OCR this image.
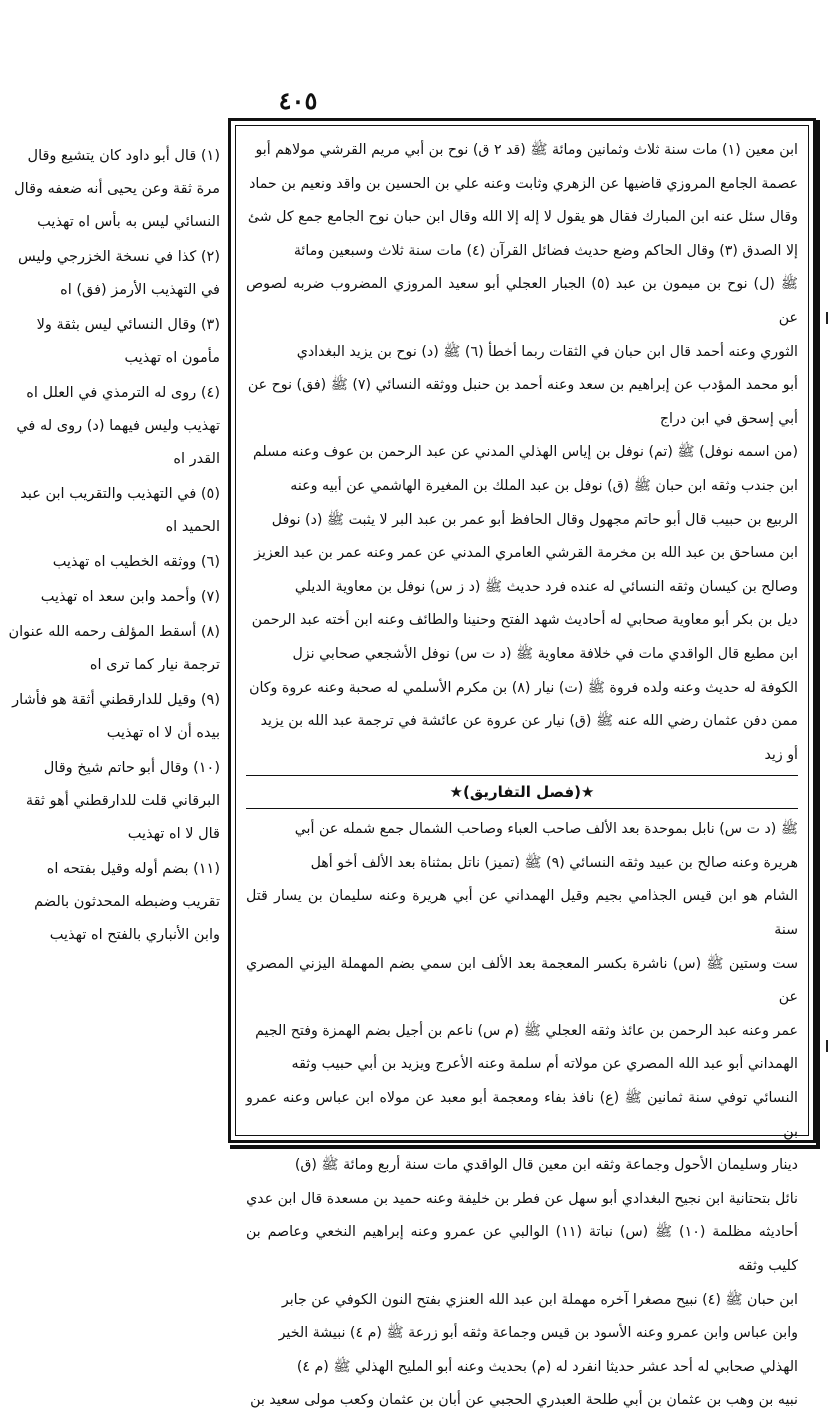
٤٠٥

(١) قال أبو داود كان يتشيع وقال مرة ثقة وعن يحيى أنه ضعفه وقال النسائي ليس به بأس اه تهذيب

(٢) كذا في نسخة الخزرجي وليس في التهذيب الأرمز (فق) اه

(٣) وقال النسائي ليس بثقة ولا مأمون اه تهذيب

(٤) روى له الترمذي في العلل اه تهذيب وليس فيهما (د) روى له في القدر اه

(٥) في التهذيب والتقريب ابن عبد الحميد اه

(٦) ووثقه الخطيب اه تهذيب

(٧) وأحمد وابن سعد اه تهذيب

(٨) أسقط المؤلف رحمه الله عنوان ترجمة نيار كما ترى اه

(٩) وقيل للدارقطني أثقة هو فأشار بيده أن لا اه تهذيب

(١٠) وقال أبو حاتم شيخ وقال البرقاني قلت للدارقطني أهو ثقة قال لا اه تهذيب

(١١) بضم أوله وقيل بفتحه اه تقريب وضبطه المحدثون بالضم وابن الأنباري بالفتح اه تهذيب

ابن معين (١) مات سنة ثلاث وثمانين ومائة ﷺ (قد ٢ ق) نوح بن أبي مريم القرشي مولاهم أبو

عصمة الجامع المروزي قاضيها عن الزهري وثابت وعنه علي بن الحسين بن واقد ونعيم بن حماد

وقال سئل عنه ابن المبارك فقال هو يقول لا إله إلا الله وقال ابن حبان نوح الجامع جمع كل شئ

إلا الصدق (٣) وقال الحاكم وضع حديث فضائل القرآن (٤) مات سنة ثلاث وسبعين ومائة

ﷺ (ل) نوح بن ميمون بن عبد (٥) الجبار العجلي أبو سعيد المروزي المضروب ضربه لصوص عن

الثوري وعنه أحمد قال ابن حبان في الثقات ربما أخطأ (٦) ﷺ (د) نوح بن يزيد البغدادي

أبو محمد المؤدب عن إبراهيم بن سعد وعنه أحمد بن حنبل ووثقه النسائي (٧) ﷺ (فق) نوح عن

أبي إسحق في ابن دراج

(من اسمه نوفل) ﷺ (تم) نوفل بن إياس الهذلي المدني عن عبد الرحمن بن عوف وعنه مسلم

ابن جندب وثقه ابن حبان ﷺ (ق) نوفل بن عبد الملك بن المغيرة الهاشمي عن أبيه وعنه

الربيع بن حبيب قال أبو حاتم مجهول وقال الحافظ أبو عمر بن عبد البر لا يثبت ﷺ (د) نوفل

ابن مساحق بن عبد الله بن مخرمة القرشي العامري المدني عن عمر وعنه عمر بن عبد العزيز

وصالح بن كيسان وثقه النسائي له عنده فرد حديث ﷺ (د ز س) نوفل بن معاوية الديلي

ديل بن بكر أبو معاوية صحابي له أحاديث شهد الفتح وحنينا والطائف وعنه ابن أخته عبد الرحمن

ابن مطيع قال الواقدي مات في خلافة معاوية ﷺ (د ت س) نوفل الأشجعي صحابي نزل

الكوفة له حديث وعنه ولده فروة ﷺ (ت) نيار (٨) بن مكرم الأسلمي له صحبة وعنه عروة وكان

ممن دفن عثمان رضي الله عنه ﷺ (ق) نيار عن عروة عن عائشة في ترجمة عبد الله بن يزيد

أو زيد

★(فصل التفاريق)★

ﷺ (د ت س) نابل بموحدة بعد الألف صاحب العباء وصاحب الشمال جمع شمله عن أبي

هريرة وعنه صالح بن عبيد وثقه النسائي (٩) ﷺ (تميز) ناتل بمثناة بعد الألف أخو أهل

الشام هو ابن قيس الجذامي بجيم وقيل الهمداني عن أبي هريرة وعنه سليمان بن يسار قتل سنة

ست وستين ﷺ (س) ناشرة بكسر المعجمة بعد الألف ابن سمي بضم المهملة اليزني المصري عن

عمر وعنه عبد الرحمن بن عائذ وثقه العجلي ﷺ (م س) ناعم بن أجيل بضم الهمزة وفتح الجيم

الهمداني أبو عبد الله المصري عن مولاته أم سلمة وعنه الأعرج ويزيد بن أبي حبيب وثقه

النسائي توفي سنة ثمانين ﷺ (ع) نافذ بفاء ومعجمة أبو معبد عن مولاه ابن عباس وعنه عمرو بن

دينار وسليمان الأحول وجماعة وثقه ابن معين قال الواقدي مات سنة أربع ومائة ﷺ (ق)

نائل بتحتانية ابن نجيح البغدادي أبو سهل عن فطر بن خليفة وعنه حميد بن مسعدة قال ابن عدي

أحاديثه مظلمة (١٠) ﷺ (س) نباتة (١١) الوالبي عن عمرو وعنه إبراهيم النخعي وعاصم بن كليب وثقه

ابن حبان ﷺ (٤) نبيح مصغرا آخره مهملة ابن عبد الله العنزي بفتح النون الكوفي عن جابر

وابن عباس وابن عمرو وعنه الأسود بن قيس وجماعة وثقه أبو زرعة ﷺ (م ٤) نبيشة الخير

الهذلي صحابي له أحد عشر حديثا انفرد له (م) بحديث وعنه أبو المليح الهذلي ﷺ (م ٤)

نبيه بن وهب بن عثمان بن أبي طلحة العبدري الحجبي عن أبان بن عثمان وكعب مولى سعيد بن
